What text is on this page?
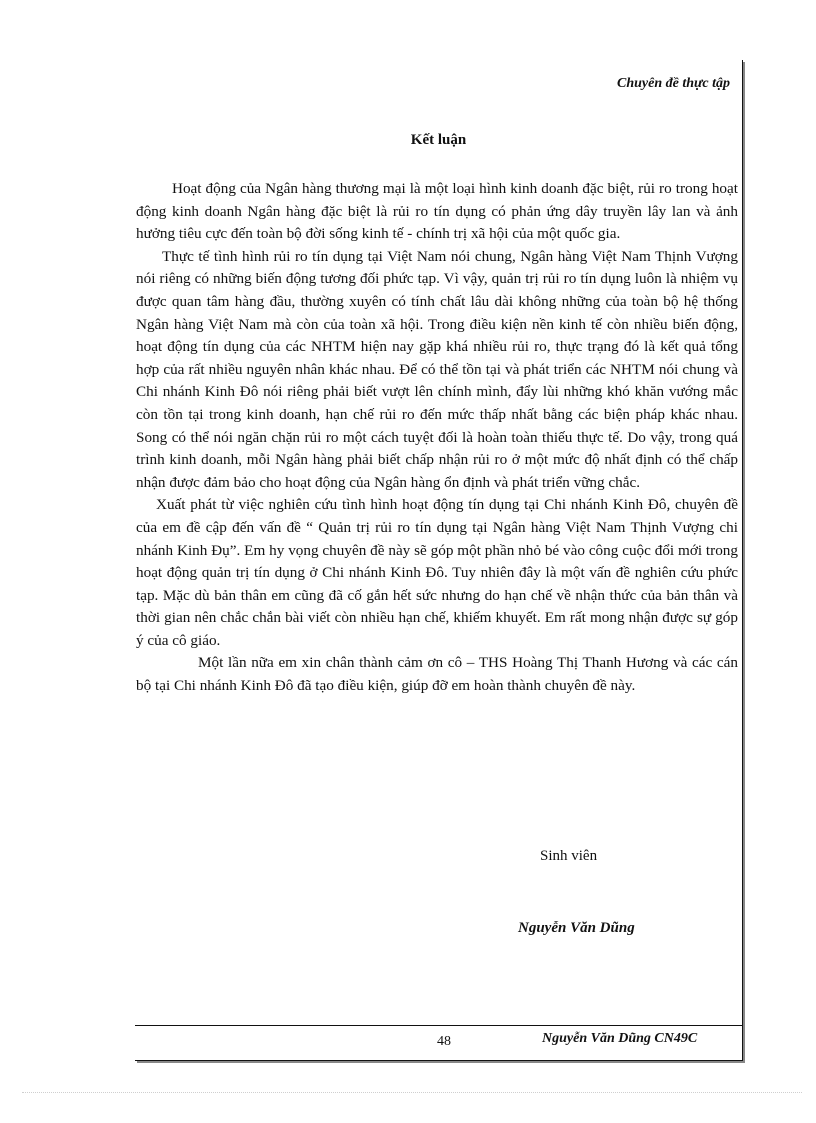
Chuyên đề thực tập
Kết luận

Hoạt động của Ngân hàng thương mại là một loại hình kinh doanh đặc biệt, rủi ro trong hoạt động kinh doanh Ngân hàng đặc biệt là rủi ro tín dụng có phản ứng dây truyền lây lan và ảnh hưởng tiêu cực đến toàn bộ đời sống kinh tế - chính trị xã hội của một quốc gia.

Thực tế tình hình rủi ro tín dụng tại Việt Nam nói chung, Ngân hàng Việt Nam Thịnh Vượng nói riêng có những biến động tương đối phức tạp. Vì vậy, quản trị rủi ro tín dụng luôn là nhiệm vụ được quan tâm hàng đầu, thường xuyên có tính chất lâu dài không những của toàn bộ hệ thống Ngân hàng Việt Nam mà còn của toàn xã hội. Trong điều kiện nền kinh tế còn nhiều biến động, hoạt động tín dụng của các NHTM hiện nay gặp khá nhiều rủi ro, thực trạng đó là kết quả tổng hợp của rất nhiều nguyên nhân khác nhau. Để có thể tồn tại và phát triển các NHTM nói chung và Chi nhánh Kinh Đô nói riêng phải biết vượt lên chính mình, đẩy lùi những khó khăn vướng mắc còn tồn tại trong kinh doanh, hạn chế rủi ro đến mức thấp nhất bằng các biện pháp khác nhau. Song có thể nói ngăn chặn rủi ro một cách tuyệt đối là hoàn toàn thiếu thực tế. Do vậy, trong quá trình kinh doanh, mỗi Ngân hàng phải biết chấp nhận rủi ro ở một mức độ nhất định có thể chấp nhận được đảm bảo cho hoạt động của Ngân hàng ổn định và phát triển vững chắc.

Xuất phát từ việc nghiên cứu tình hình hoạt động tín dụng tại Chi nhánh Kinh Đô, chuyên đề của em đề cập đến vấn đề “ Quản trị rủi ro tín dụng tại Ngân hàng Việt Nam Thịnh Vượng chi nhánh Kinh Đụ”. Em hy vọng chuyên đề này sẽ góp một phần nhỏ bé vào công cuộc đổi mới trong hoạt động quản trị tín dụng ở Chi nhánh Kinh Đô. Tuy nhiên đây là một vấn đề nghiên cứu phức tạp. Mặc dù bản thân em cũng đã cố gắn hết sức nhưng do hạn chế về nhận thức của bản thân và thời gian nên chắc chắn bài viết còn nhiều hạn chế, khiếm khuyết. Em rất mong nhận được sự góp ý của cô giáo.

Một lần nữa em xin chân thành cảm ơn cô – THS Hoàng Thị Thanh Hương và các cán bộ tại Chi nhánh Kinh Đô đã tạo điều kiện, giúp đỡ em hoàn thành chuyên đề này.

Sinh viên
Nguyễn Văn Dũng
48	Nguyễn Văn Dũng CN49C
